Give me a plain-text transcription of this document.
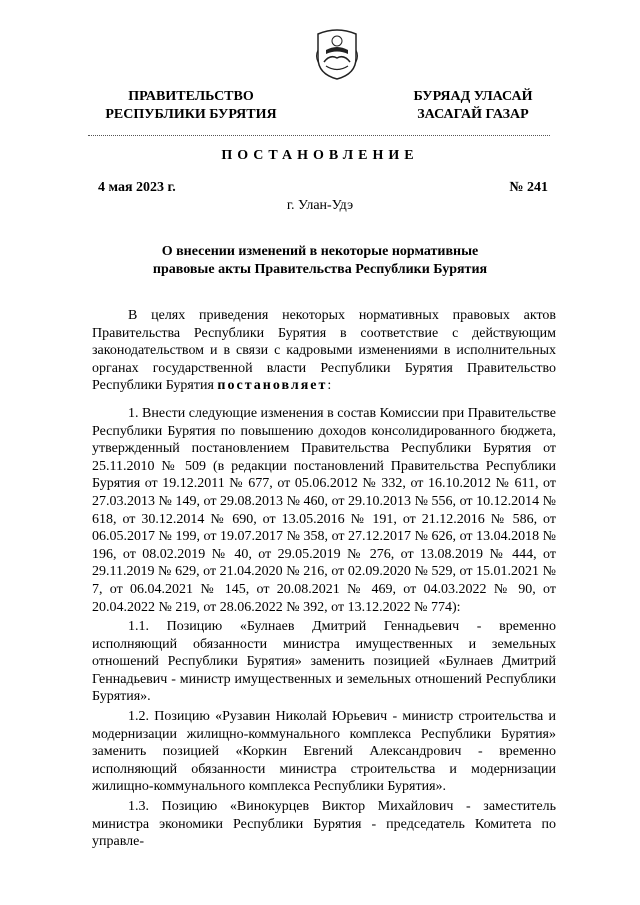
ПРАВИТЕЛЬСТВО
РЕСПУБЛИКИ БУРЯТИЯ
БУРЯАД УЛАСАЙ
ЗАСАГАЙ ГАЗАР
ПОСТАНОВЛЕНИЕ
4 мая 2023 г.	№ 241
г. Улан-Удэ
О внесении изменений в некоторые нормативные
правовые акты Правительства Республики Бурятия

В целях приведения некоторых нормативных правовых актов Правительства Республики Бурятия в соответствие с действующим законодательством и в связи с кадровыми изменениями в исполнительных органах государственной власти Республики Бурятия Правительство Республики Бурятия постановляет:

1. Внести следующие изменения в состав Комиссии при Правительстве Республики Бурятия по повышению доходов консолидированного бюджета, утвержденный постановлением Правительства Республики Бурятия от 25.11.2010 № 509 (в редакции постановлений Правительства Республики Бурятия от 19.12.2011 № 677, от 05.06.2012 № 332, от 16.10.2012 № 611, от 27.03.2013 № 149, от 29.08.2013 № 460, от 29.10.2013 № 556, от 10.12.2014 № 618, от 30.12.2014 № 690, от 13.05.2016 № 191, от 21.12.2016 № 586, от 06.05.2017 № 199, от 19.07.2017 № 358, от 27.12.2017 № 626, от 13.04.2018 № 196, от 08.02.2019 № 40, от 29.05.2019 № 276, от 13.08.2019 № 444, от 29.11.2019 № 629, от 21.04.2020 № 216, от 02.09.2020 № 529, от 15.01.2021 № 7, от 06.04.2021 № 145, от 20.08.2021 № 469, от 04.03.2022 № 90, от 20.04.2022 № 219, от 28.06.2022 № 392, от 13.12.2022 № 774):

1.1. Позицию «Булнаев Дмитрий Геннадьевич - временно исполняющий обязанности министра имущественных и земельных отношений Республики Бурятия» заменить позицией «Булнаев Дмитрий Геннадьевич - министр имущественных и земельных отношений Республики Бурятия».

1.2. Позицию «Рузавин Николай Юрьевич - министр строительства и модернизации жилищно-коммунального комплекса Республики Бурятия» заменить позицией «Коркин Евгений Александрович - временно исполняющий обязанности министра строительства и модернизации жилищно-коммунального комплекса Республики Бурятия».

1.3. Позицию «Винокурцев Виктор Михайлович - заместитель министра экономики Республики Бурятия - председатель Комитета по управле-
